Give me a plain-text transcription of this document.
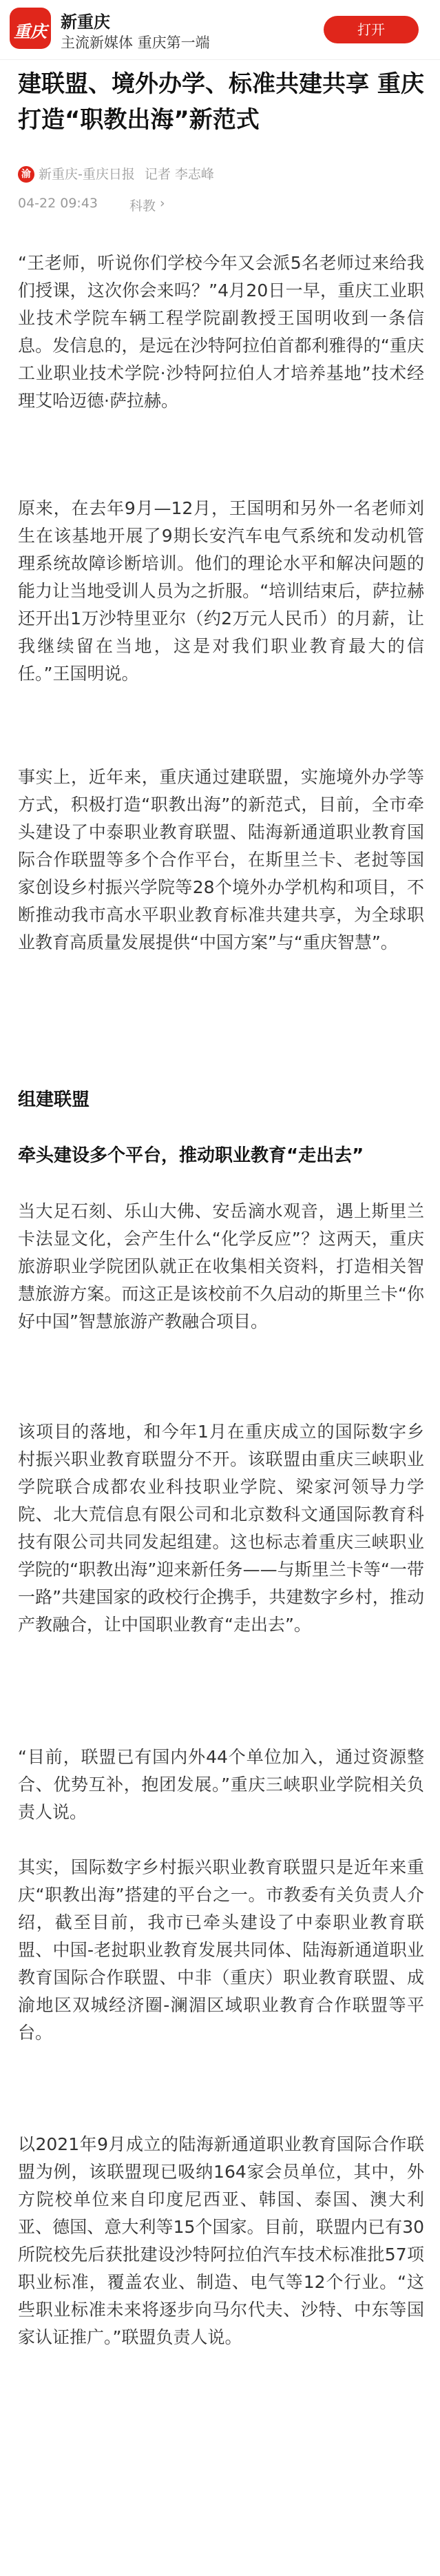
重庆 新重庆
主流新媒体 重庆第一端
打开
建联盟、境外办学、标准共建共享 重庆打造“职教出海”新范式
渝 新重庆-重庆日报 记者 李志峰
04-22 09:43 科教 ›

“王老师，听说你们学校今年又会派5名老师过来给我们授课，这次你会来吗？”4月20日一早，重庆工业职业技术学院车辆工程学院副教授王国明收到一条信息。发信息的，是远在沙特阿拉伯首都利雅得的“重庆工业职业技术学院·沙特阿拉伯人才培养基地”技术经理艾哈迈德·萨拉赫。

原来，在去年9月—12月，王国明和另外一名老师刘生在该基地开展了9期长安汽车电气系统和发动机管理系统故障诊断培训。他们的理论水平和解决问题的能力让当地受训人员为之折服。“培训结束后，萨拉赫还开出1万沙特里亚尔（约2万元人民币）的月薪，让我继续留在当地，这是对我们职业教育最大的信任。”王国明说。

事实上，近年来，重庆通过建联盟，实施境外办学等方式，积极打造“职教出海”的新范式，目前，全市牵头建设了中泰职业教育联盟、陆海新通道职业教育国际合作联盟等多个合作平台，在斯里兰卡、老挝等国家创设乡村振兴学院等28个境外办学机构和项目，不断推动我市高水平职业教育标准共建共享，为全球职业教育高质量发展提供“中国方案”与“重庆智慧”。

组建联盟
牵头建设多个平台，推动职业教育“走出去”

当大足石刻、乐山大佛、安岳滴水观音，遇上斯里兰卡法显文化，会产生什么“化学反应”？这两天，重庆旅游职业学院团队就正在收集相关资料，打造相关智慧旅游方案。而这正是该校前不久启动的斯里兰卡“你好中国”智慧旅游产教融合项目。

该项目的落地，和今年1月在重庆成立的国际数字乡村振兴职业教育联盟分不开。该联盟由重庆三峡职业学院联合成都农业科技职业学院、梁家河领导力学院、北大荒信息有限公司和北京数科文通国际教育科技有限公司共同发起组建。这也标志着重庆三峡职业学院的“职教出海”迎来新任务——与斯里兰卡等“一带一路”共建国家的政校行企携手，共建数字乡村，推动产教融合，让中国职业教育“走出去”。

“目前，联盟已有国内外44个单位加入，通过资源整合、优势互补，抱团发展。”重庆三峡职业学院相关负责人说。

其实，国际数字乡村振兴职业教育联盟只是近年来重庆“职教出海”搭建的平台之一。市教委有关负责人介绍，截至目前，我市已牵头建设了中泰职业教育联盟、中国-老挝职业教育发展共同体、陆海新通道职业教育国际合作联盟、中非（重庆）职业教育联盟、成渝地区双城经济圈-澜湄区域职业教育合作联盟等平台。

以2021年9月成立的陆海新通道职业教育国际合作联盟为例，该联盟现已吸纳164家会员单位，其中，外方院校单位来自印度尼西亚、韩国、泰国、澳大利亚、德国、意大利等15个国家。目前，联盟内已有30所院校先后获批建设沙特阿拉伯汽车技术标准批57项职业标准，覆盖农业、制造、电气等12个行业。“这些职业标准未来将逐步向马尔代夫、沙特、中东等国家认证推广。”联盟负责人说。
